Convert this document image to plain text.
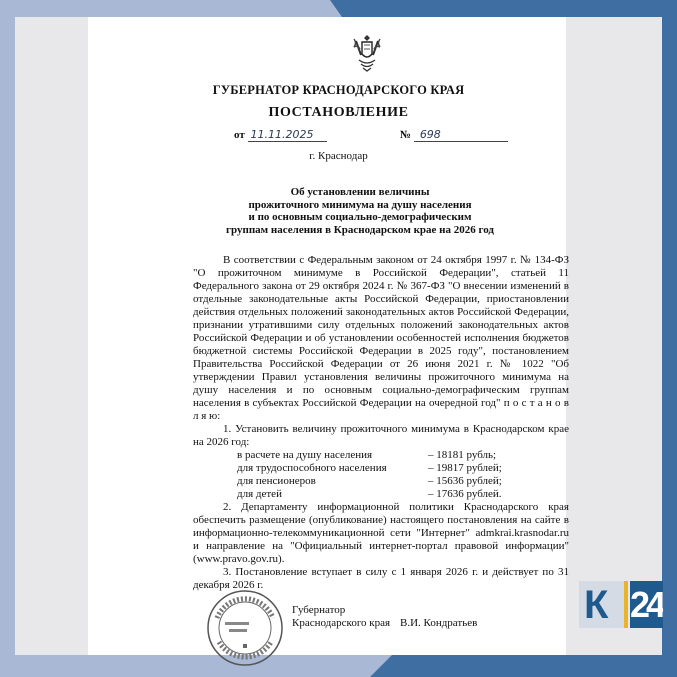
ГУБЕРНАТОР КРАСНОДАРСКОГО КРАЯ
ПОСТАНОВЛЕНИЕ
от 11.11.2025	№ 698
г. Краснодар
Об установлении величины
прожиточного минимума на душу населения
и по основным социально-демографическим
группам населения в Краснодарском крае на 2026 год

В соответствии с Федеральным законом от 24 октября 1997 г. № 134-ФЗ "О прожиточном минимуме в Российской Федерации", статьей 11 Федерального закона от 29 октября 2024 г. № 367-ФЗ "О внесении изменений в отдельные законодательные акты Российской Федерации, приостановлении действия отдельных положений законодательных актов Российской Федерации, признании утратившими силу отдельных положений законодательных актов Российской Федерации и об установлении особенностей исполнения бюджетов бюджетной системы Российской Федерации в 2025 году", постановлением Правительства Российской Федерации от 26 июня 2021 г. № 1022 "Об утверждении Правил установления величины прожиточного минимума на душу населения и по основным социально-демографическим группам населения в субъектах Российской Федерации на очередной год" п о с т а н о в л я ю:

1. Установить величину прожиточного минимума в Краснодарском крае на 2026 год:

в расчете на душу населения	– 18181 рубль;
для трудоспособного населения	– 19817 рублей;
для пенсионеров	– 15636 рублей;
для детей	– 17636 рублей.

2. Департаменту информационной политики Краснодарского края обеспечить размещение (опубликование) настоящего постановления на сайте в информационно-телекоммуникационной сети "Интернет" admkrai.krasnodar.ru и направление на "Официальный интернет-портал правовой информации" (www.pravo.gov.ru).

3. Постановление вступает в силу с 1 января 2026 г. и действует по 31 декабря 2026 г.

Губернатор
Краснодарского края В.И. Кондратьев	К 24
